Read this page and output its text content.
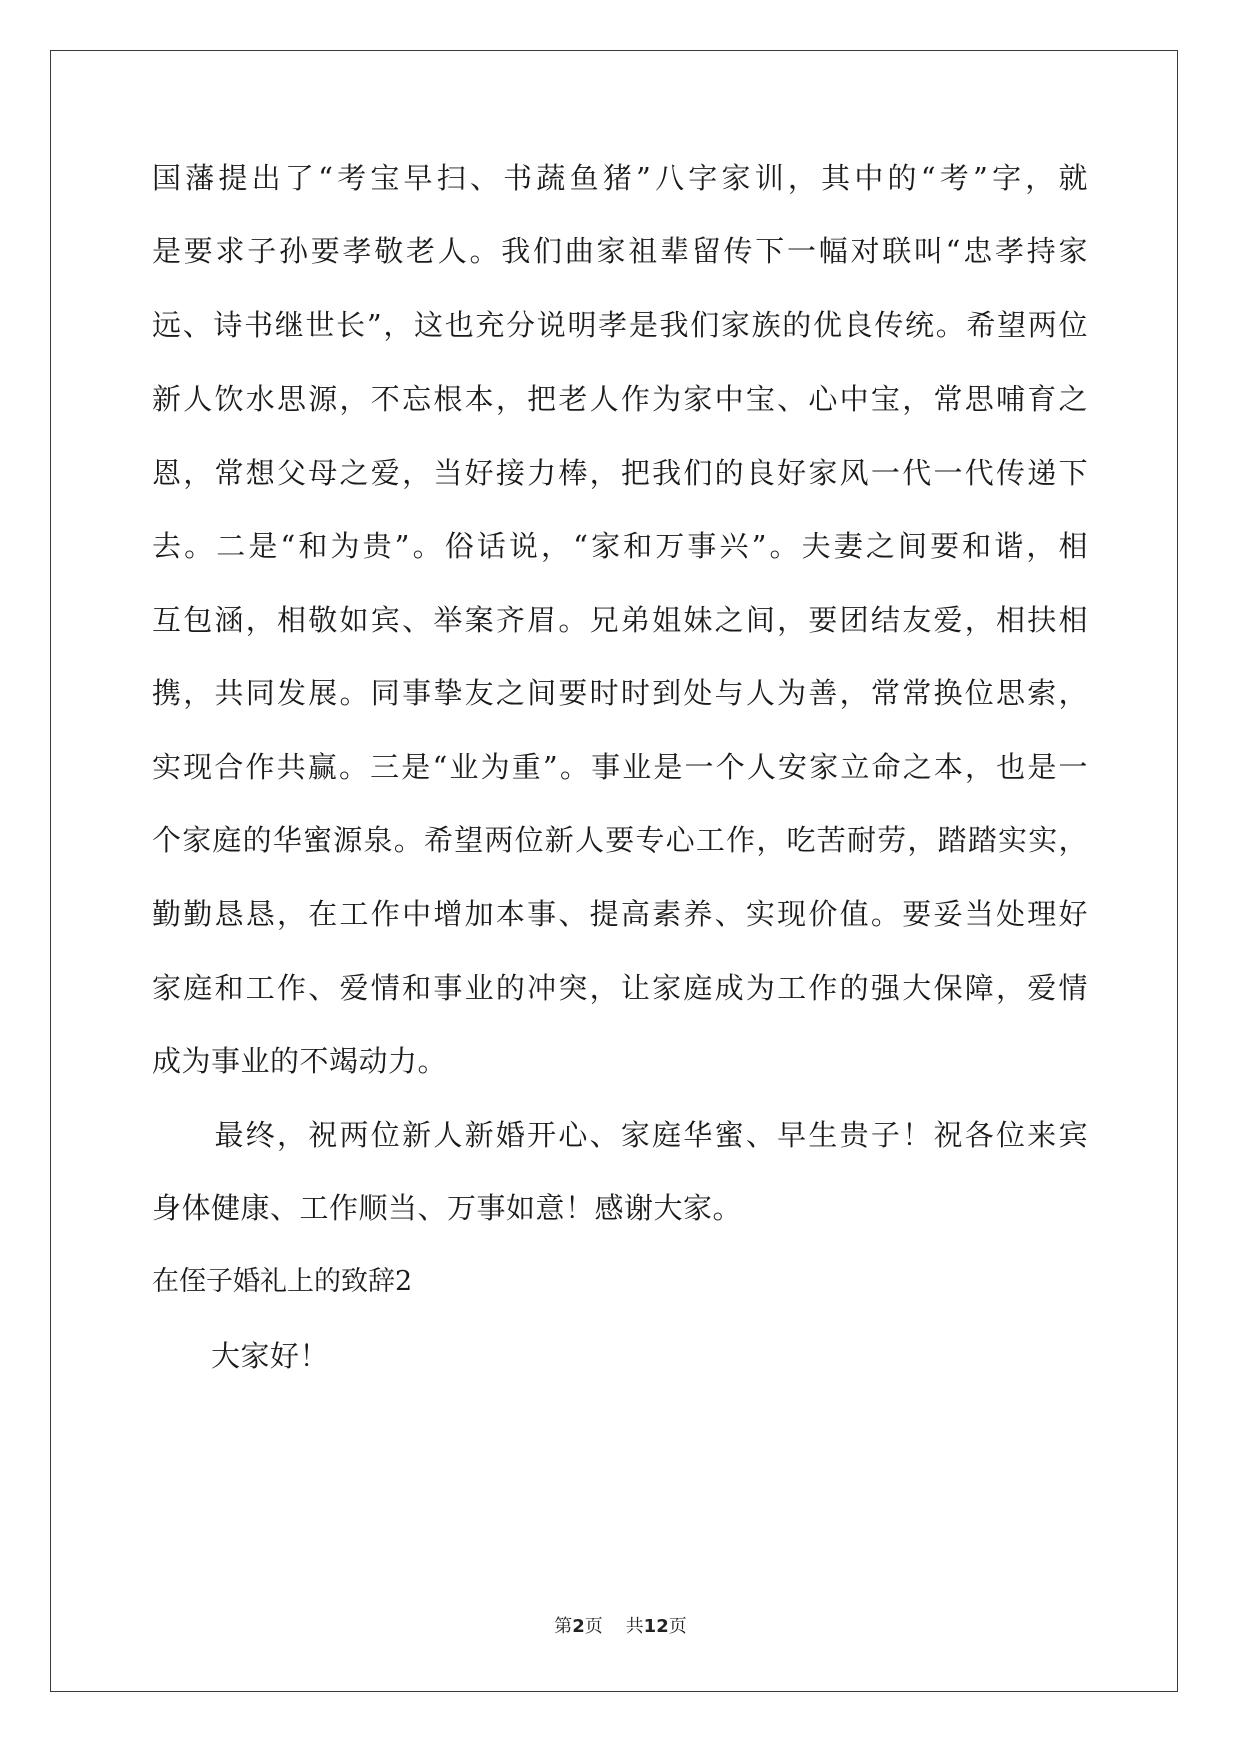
国藩提出了“考宝早扫、书蔬鱼猪”八字家训，其中的“考”字，就
是要求子孙要孝敬老人。我们曲家祖辈留传下一幅对联叫“忠孝持家
远、诗书继世长”，这也充分说明孝是我们家族的优良传统。希望两位
新人饮水思源，不忘根本，把老人作为家中宝、心中宝，常思哺育之
恩，常想父母之爱，当好接力棒，把我们的良好家风一代一代传递下
去。二是“和为贵”。俗话说，“家和万事兴”。夫妻之间要和谐，相
互包涵，相敬如宾、举案齐眉。兄弟姐妹之间，要团结友爱，相扶相
携，共同发展。同事挚友之间要时时到处与人为善，常常换位思索，
实现合作共赢。三是“业为重”。事业是一个人安家立命之本，也是一
个家庭的华蜜源泉。希望两位新人要专心工作，吃苦耐劳，踏踏实实，
勤勤恳恳，在工作中增加本事、提高素养、实现价值。要妥当处理好
家庭和工作、爱情和事业的冲突，让家庭成为工作的强大保障，爱情
成为事业的不竭动力。
　　最终，祝两位新人新婚开心、家庭华蜜、早生贵子！祝各位来宾
身体健康、工作顺当、万事如意！感谢大家。
在侄子婚礼上的致辞2
　　大家好！
第2页 共12页
